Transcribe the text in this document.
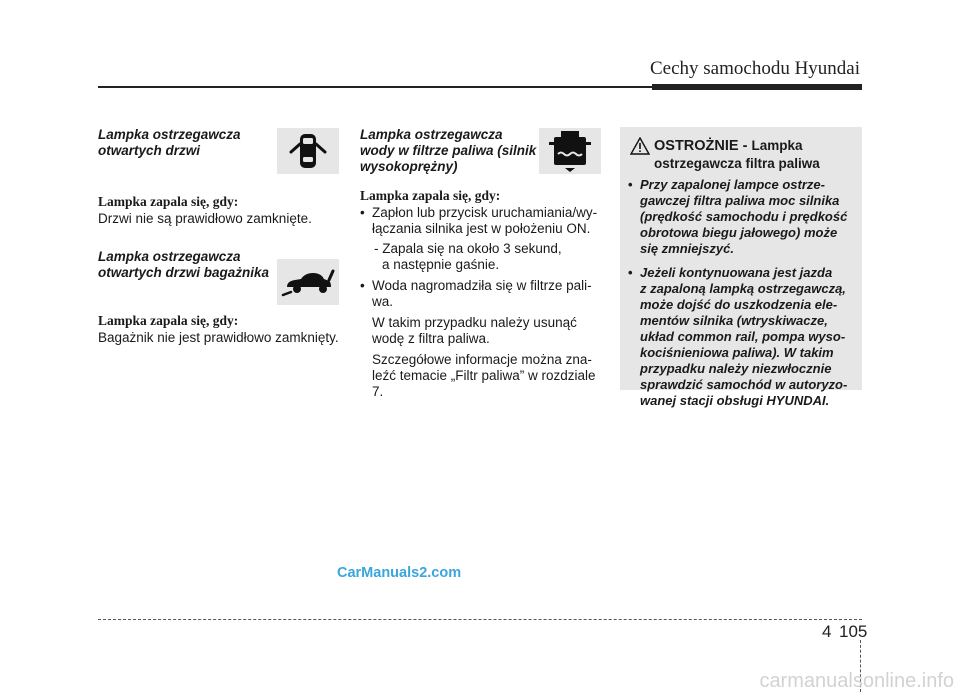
Cechy samochodu Hyundai
Lampka ostrzegawcza
otwartych drzwi
Lampka zapala się, gdy:
Drzwi nie są prawidłowo zamknięte.
Lampka ostrzegawcza
otwartych drzwi bagażnika
Lampka zapala się, gdy:
Bagażnik nie jest prawidłowo zamknięty.
Lampka ostrzegawcza
wody w filtrze paliwa (silnik
wysokoprężny)
Lampka zapala się, gdy:
• Zapłon lub przycisk uruchamiania/wy-
łączania silnika jest w położeniu ON.
- Zapala się na około 3 sekund,
a następnie gaśnie.
• Woda nagromadziła się w filtrze pali-
wa.
W takim przypadku należy usunąć
wodę z filtra paliwa.
Szczegółowe informacje można zna-
leźć temacie „Filtr paliwa” w rozdziale
7.
OSTROŻNIE - Lampka
ostrzegawcza filtra paliwa
• Przy zapalonej lampce ostrze-
gawczej filtra paliwa moc silnika
(prędkość samochodu i prędkość
obrotowa biegu jałowego) może
się zmniejszyć.
• Jeżeli kontynuowana jest jazda
z zapaloną lampką ostrzegawczą,
może dojść do uszkodzenia ele-
mentów silnika (wtryskiwacze,
układ common rail, pompa wyso-
kociśnieniowa paliwa). W takim
przypadku należy niezwłocznie
sprawdzić samochód w autoryzo-
wanej stacji obsługi HYUNDAI.
CarManuals2.com
4 105
carmanualsonline.info
